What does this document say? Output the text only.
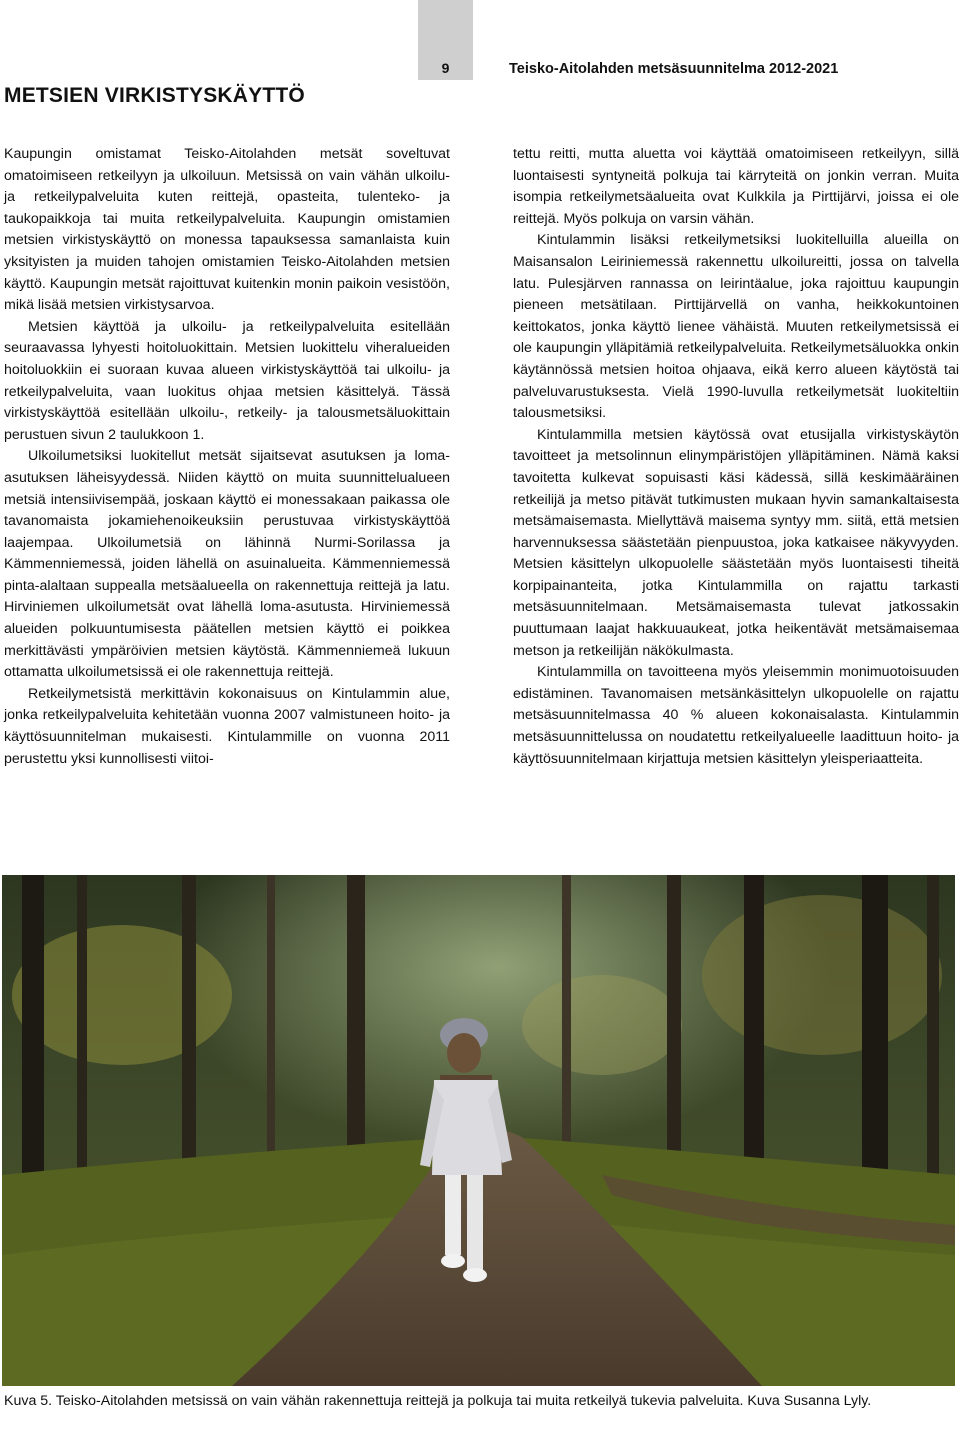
9	Teisko-Aitolahden metsäsuunnitelma 2012-2021
METSIEN VIRKISTYSKÄYTTÖ

Kaupungin omistamat Teisko-Aitolahden metsät soveltuvat omatoimiseen retkeilyyn ja ulkoiluun. Metsissä on vain vähän ulkoilu- ja retkeilypalveluita kuten reittejä, opasteita, tulenteko- ja taukopaikkoja tai muita retkeilypalveluita. Kaupungin omistamien metsien virkistyskäyttö on monessa tapauksessa samanlaista kuin yksityisten ja muiden tahojen omistamien Teisko-Aitolahden metsien käyttö. Kaupungin metsät rajoittuvat kuitenkin monin paikoin vesistöön, mikä lisää metsien virkistysarvoa.

Metsien käyttöä ja ulkoilu- ja retkeilypalveluita esitellään seuraavassa lyhyesti hoitoluokittain. Metsien luokittelu viheralueiden hoitoluokkiin ei suoraan kuvaa alueen virkistyskäyttöä tai ulkoilu- ja retkeilypalveluita, vaan luokitus ohjaa metsien käsittelyä. Tässä virkistyskäyttöä esitellään ulkoilu-, retkeily- ja talousmetsäluokittain perustuen sivun 2 taulukkoon 1.

Ulkoilumetsiksi luokitellut metsät sijaitsevat asutuksen ja loma-asutuksen läheisyydessä. Niiden käyttö on muita suunnittelualueen metsiä intensiivisempää, joskaan käyttö ei monessakaan paikassa ole tavanomaista jokamiehenoikeuksiin perustuvaa virkistyskäyttöä laajempaa. Ulkoilumetsiä on lähinnä Nurmi-Sorilassa ja Kämmenniemessä, joiden lähellä on asuinalueita. Kämmenniemessä pinta-alaltaan suppealla metsäalueella on rakennettuja reittejä ja latu. Hirviniemen ulkoilumetsät ovat lähellä loma-asutusta. Hirviniemessä alueiden polkuuntumisesta päätellen metsien käyttö ei poikkea merkittävästi ympäröivien metsien käytöstä. Kämmenniemeä lukuun ottamatta ulkoilumetsissä ei ole rakennettuja reittejä.

Retkeilymetsistä merkittävin kokonaisuus on Kintulammin alue, jonka retkeilypalveluita kehitetään vuonna 2007 valmistuneen hoito- ja käyttösuunnitelman mukaisesti. Kintulammille on vuonna 2011 perustettu yksi kunnollisesti viitoi-

tettu reitti, mutta aluetta voi käyttää omatoimiseen retkeilyyn, sillä luontaisesti syntyneitä polkuja tai kärryteitä on jonkin verran. Muita isompia retkeilymetsäalueita ovat Kulkkila ja Pirttijärvi, joissa ei ole reittejä. Myös polkuja on varsin vähän.

Kintulammin lisäksi retkeilymetsiksi luokitelluilla alueilla on Maisansalon Leiriniemessä rakennettu ulkoilureitti, jossa on talvella latu. Pulesjärven rannassa on leirintäalue, joka rajoittuu kaupungin pieneen metsätilaan. Pirttijärvellä on vanha, heikkokuntoinen keittokatos, jonka käyttö lienee vähäistä. Muuten retkeilymetsissä ei ole kaupungin ylläpitämiä retkeilypalveluita. Retkeilymetsäluokka onkin käytännössä metsien hoitoa ohjaava, eikä kerro alueen käytöstä tai palveluvarustuksesta. Vielä 1990-luvulla retkeilymetsät luokiteltiin talousmetsiksi.

Kintulammilla metsien käytössä ovat etusijalla virkistyskäytön tavoitteet ja metsolinnun elinympäristöjen ylläpitäminen. Nämä kaksi tavoitetta kulkevat sopuisasti käsi kädessä, sillä keskimääräinen retkeilijä ja metso pitävät tutkimusten mukaan hyvin samankaltaisesta metsämaisemasta. Miellyttävä maisema syntyy mm. siitä, että metsien harvennuksessa säästetään pienpuustoa, joka katkaisee näkyvyyden. Metsien käsittelyn ulkopuolelle säästetään myös luontaisesti tiheitä korpipainanteita, jotka Kintulammilla on rajattu tarkasti metsäsuunnitelmaan. Metsämaisemasta tulevat jatkossakin puuttumaan laajat hakkuuaukeat, jotka heikentävät metsämaisemaa metson ja retkeilijän näkökulmasta.

Kintulammilla on tavoitteena myös yleisemmin monimuotoisuuden edistäminen. Tavanomaisen metsänkäsittelyn ulkopuolelle on rajattu metsäsuunnitelmassa 40 % alueen kokonaisalasta. Kintulammin metsäsuunnittelussa on noudatettu retkeilyalueelle laadittuun hoito- ja käyttösuunnitelmaan kirjattuja metsien käsittelyn yleisperiaatteita.

Kuva 5. Teisko-Aitolahden metsissä on vain vähän rakennettuja reittejä ja polkuja tai muita retkeilyä tukevia palveluita. Kuva Susanna Lyly.
